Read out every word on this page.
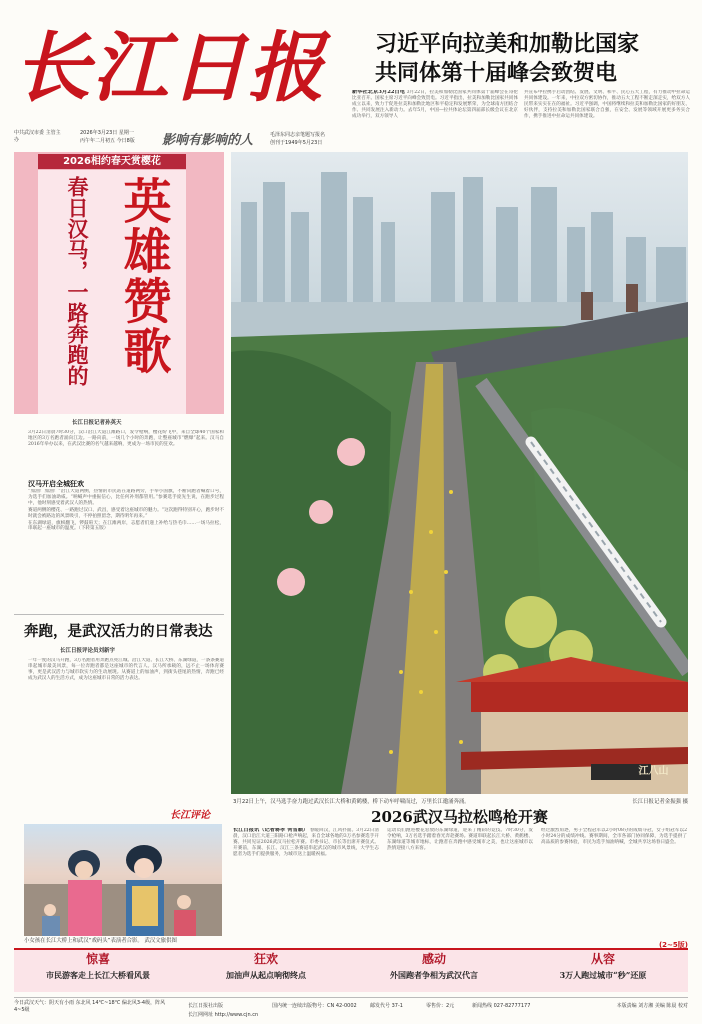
长江日报
中共武汉市委 主管主办
2026年3月23日 星期一
丙午年二月初五 今日8版	影响有影响的人	毛泽东同志亲笔题写报名
创刊于1949年5月23日
习近平向拉美和加勒比国家
共同体第十届峰会致贺电
新华社北京3月22日电 3月22日，拉美和加勒比国家共同体第十届峰会在哥伦比亚召开。国家主席习近平向峰会致贺电。习近平指出，拉美和加勒比国家共同体成立以来，致力于促进拉美和加勒比地区和平稳定和发展繁荣，为全球南方团结合作、共同发展注入新动力。去年5月，中国—拉共体论坛第四届部长级会议在北京成功举行，双方领导人
共宣布中拉携手启动团结、发展、文明、和平、民心五大工程，有力推动中拉命运共同体建设。一年来，中拉双方密切协作，推动五大工程不断走深走实，给双方人民带来实实在在的福祉。习近平强调，中国将继续和拉美和加勒比国家的好朋友、好伙伴，支持拉美和加勒比国家联合自强，在安全、发展等领域开展更多务实合作，携手推进中拉命运共同体建设。
2026相约春天赏樱花
英雄赞歌
春日汉马，一路奔跑的
长江日报记者孙英天
3月22日清晨7时30分，汉口沿江大道江滩路口，发令枪响，樱花纷飞中，来自全球40个国家和地区的3万名跑者涌向江边。一路向前，一场几个小时的奔跑，让整座城市“燃爆”起来。汉马自2016年举办以来，在武汉比赛的名气越来越响，更成为一场市民的狂欢。
汉马开启全城狂欢

“加油！加油！”沿江大道两侧，热情的市民站在道路两旁，手举小国旗，不断向跑者喊着口号，为选手们加油助威。“呐喊声中重振信心，比任何补剂都管用。”参赛选手庞先生说，在跑步过程中，他时刻感受着武汉人的热情。

赛道两侧的樱花、一路跑过汉口、武昌，感受着这座城市的魅力。“这次跑得特别开心，跑步时不时就会被路边的风景吸引，不停拍照留念，期待明年再来。”

在东湖绿道，旗帜翻飞，锣鼓喧天；在江滩两岸，志愿者们递上补给与热毛巾……一场马拉松，串联起一座城市的温度。（下转第五版）

奔跑，是武汉活力的日常表达
长江日报评论员刘新宇
一年一度的汉马开跑，3万名跑者用奔跑点亮江城。沿江大道、长江大桥、东湖绿道，一条条赛道串起城市最美风景，每一位奔跑者都是这座城市的代言人。汉马所承载的，远不止一场体育赛事，更是武汉活力与城市软实力的生动展现。从赛道上的加油声，到街头巷尾的热情，奔跑已经成为武汉人的生活方式，成为这座城市日常的活力表达。
长江评论
小女孩在长江大桥上和武汉“戏码头”表演者合影。 武汉文旅供图
江八山
3月22日上午，汉马选手奋力跑过武汉长江大桥和黄鹤楼，桥下动车呼啸而过，万里长江邀涌奔涌。	长江日报记者金振强 摄
2026武汉马拉松鸣枪开赛
长江日报讯（记者蒋孝 何雪颖） 春暖回汉，江风扑面。3月22日清晨，汉口沿江大道三阳路口枪声响起，来自全球各地的3万名参赛选手开赛。共同见证2026武汉马拉松开赛。市委书记、市长等出席开赛仪式。开赛前，东湖、长江、汉江三条赛道串起武汉的城市风景线，大学生志愿者为选手们提供服务，为城市送上温暖祝福。
运动员们跑进樱花怒放的东湖绿道，迎来了精彩的竞技。7时30分，发令枪响，3万名选手踏着春光奔赴赛场。赛道串联起长江大桥、黄鹤楼、东湖绿道等城市地标，让跑者在奔跑中感受城市之美，也让这座城市以热情迎接八方来客。
经过激烈角逐，男子全程冠军以2小时08分的成绩夺冠，女子组冠军以2小时24分的成绩冲线。赛事期间，全市各部门协同保障，为选手提供了高品质的参赛体验，市民为选手加油呐喊，全城共享这场春日盛会。
(2~5版)
惊喜
市民游客走上长江大桥看风景
狂欢
加油声从起点响彻终点
感动
外国跑者争相为武汉代言
从容
3万人跑过城市“秒”还原
今日武汉天气：阴天有小雨 东北风 14℃~18℃ 偏北风3-4级，阵风4~5级
长江日报社出版
长江网网址 http://www.cjn.cn
国内统一连续出版物号：CN 42-0002	邮发代号 37-1	零售价：2元	新闻热线 027-82777177	本版责编 刘方湘 美编 陈晨 校对
